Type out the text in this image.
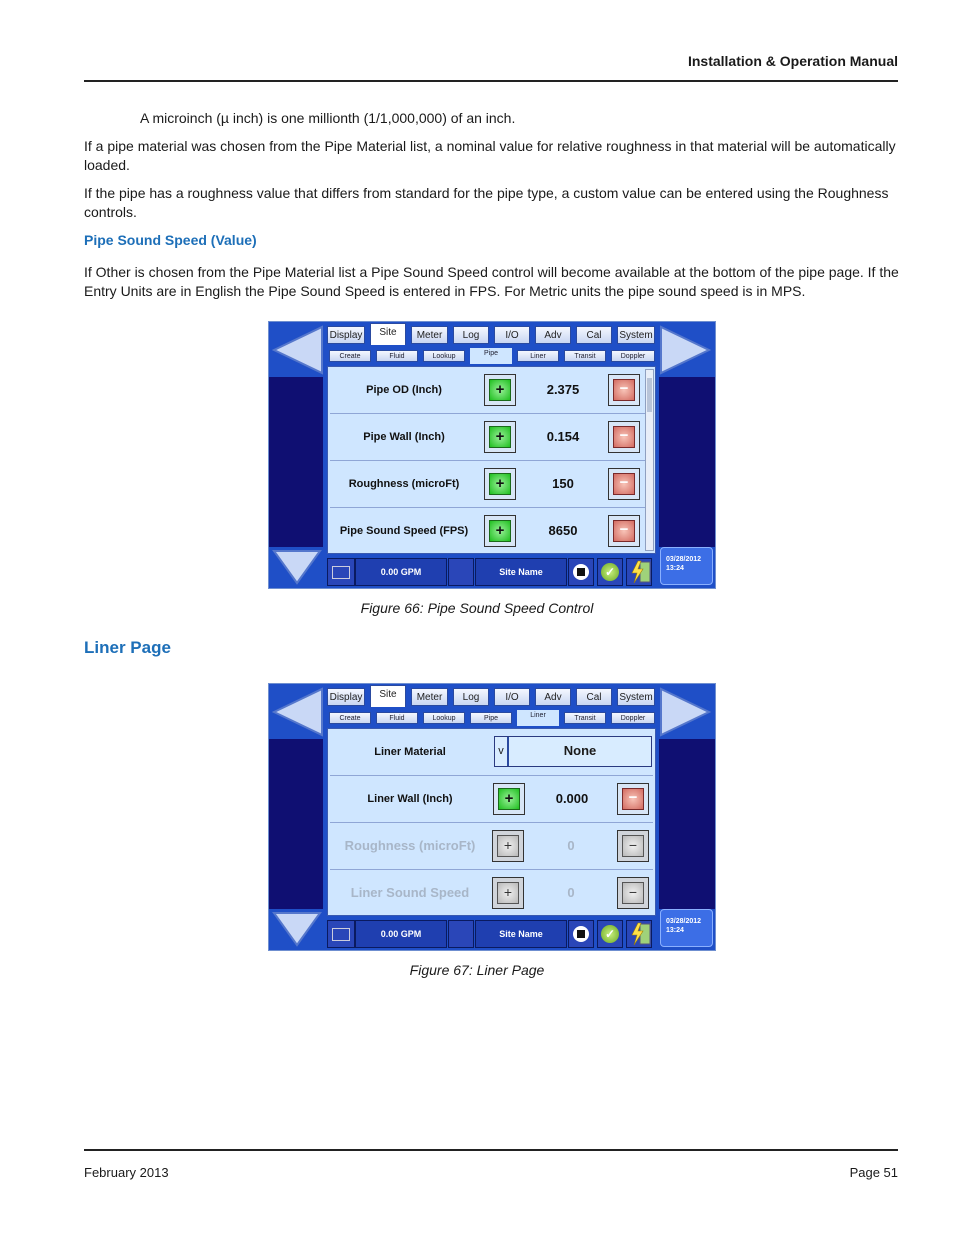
Installation & Operation Manual
A microinch (µ inch) is one millionth (1/1,000,000) of an inch.
If a pipe material was chosen from the Pipe Material list, a nominal value for relative roughness in that material will be automatically loaded.
If the pipe has a roughness value that differs from standard for the pipe type, a custom value can be entered using the Roughness controls.
Pipe Sound Speed (Value)
If Other is chosen from the Pipe Material list a Pipe Sound Speed control will become available at the bottom of the pipe page. If the Entry Units are in English the Pipe Sound Speed is entered in FPS. For Metric units the pipe sound speed is in MPS.
Display	Site	Meter	Log	I/O	Adv	Cal	System
Create	Fluid	Lookup	Pipe	Liner	Transit	Doppler
Pipe OD (Inch)	+	2.375	−
Pipe Wall (Inch)	+	0.154	−
Roughness (microFt)	+	150	−
Pipe Sound Speed (FPS)	+	8650	−
0.00 GPM	Site Name	✓
03/28/2012
13:24
Figure 66: Pipe Sound Speed Control
Liner Page
Display	Site	Meter	Log	I/O	Adv	Cal	System
Create	Fluid	Lookup	Pipe	Liner	Transit	Doppler
Liner Material	v	None
Liner Wall (Inch)	+	0.000	−
Roughness (microFt)	+	0	−
Liner Sound Speed	+	0	−
0.00 GPM	Site Name	✓
03/28/2012
13:24
Figure 67: Liner Page
February 2013	Page 51
